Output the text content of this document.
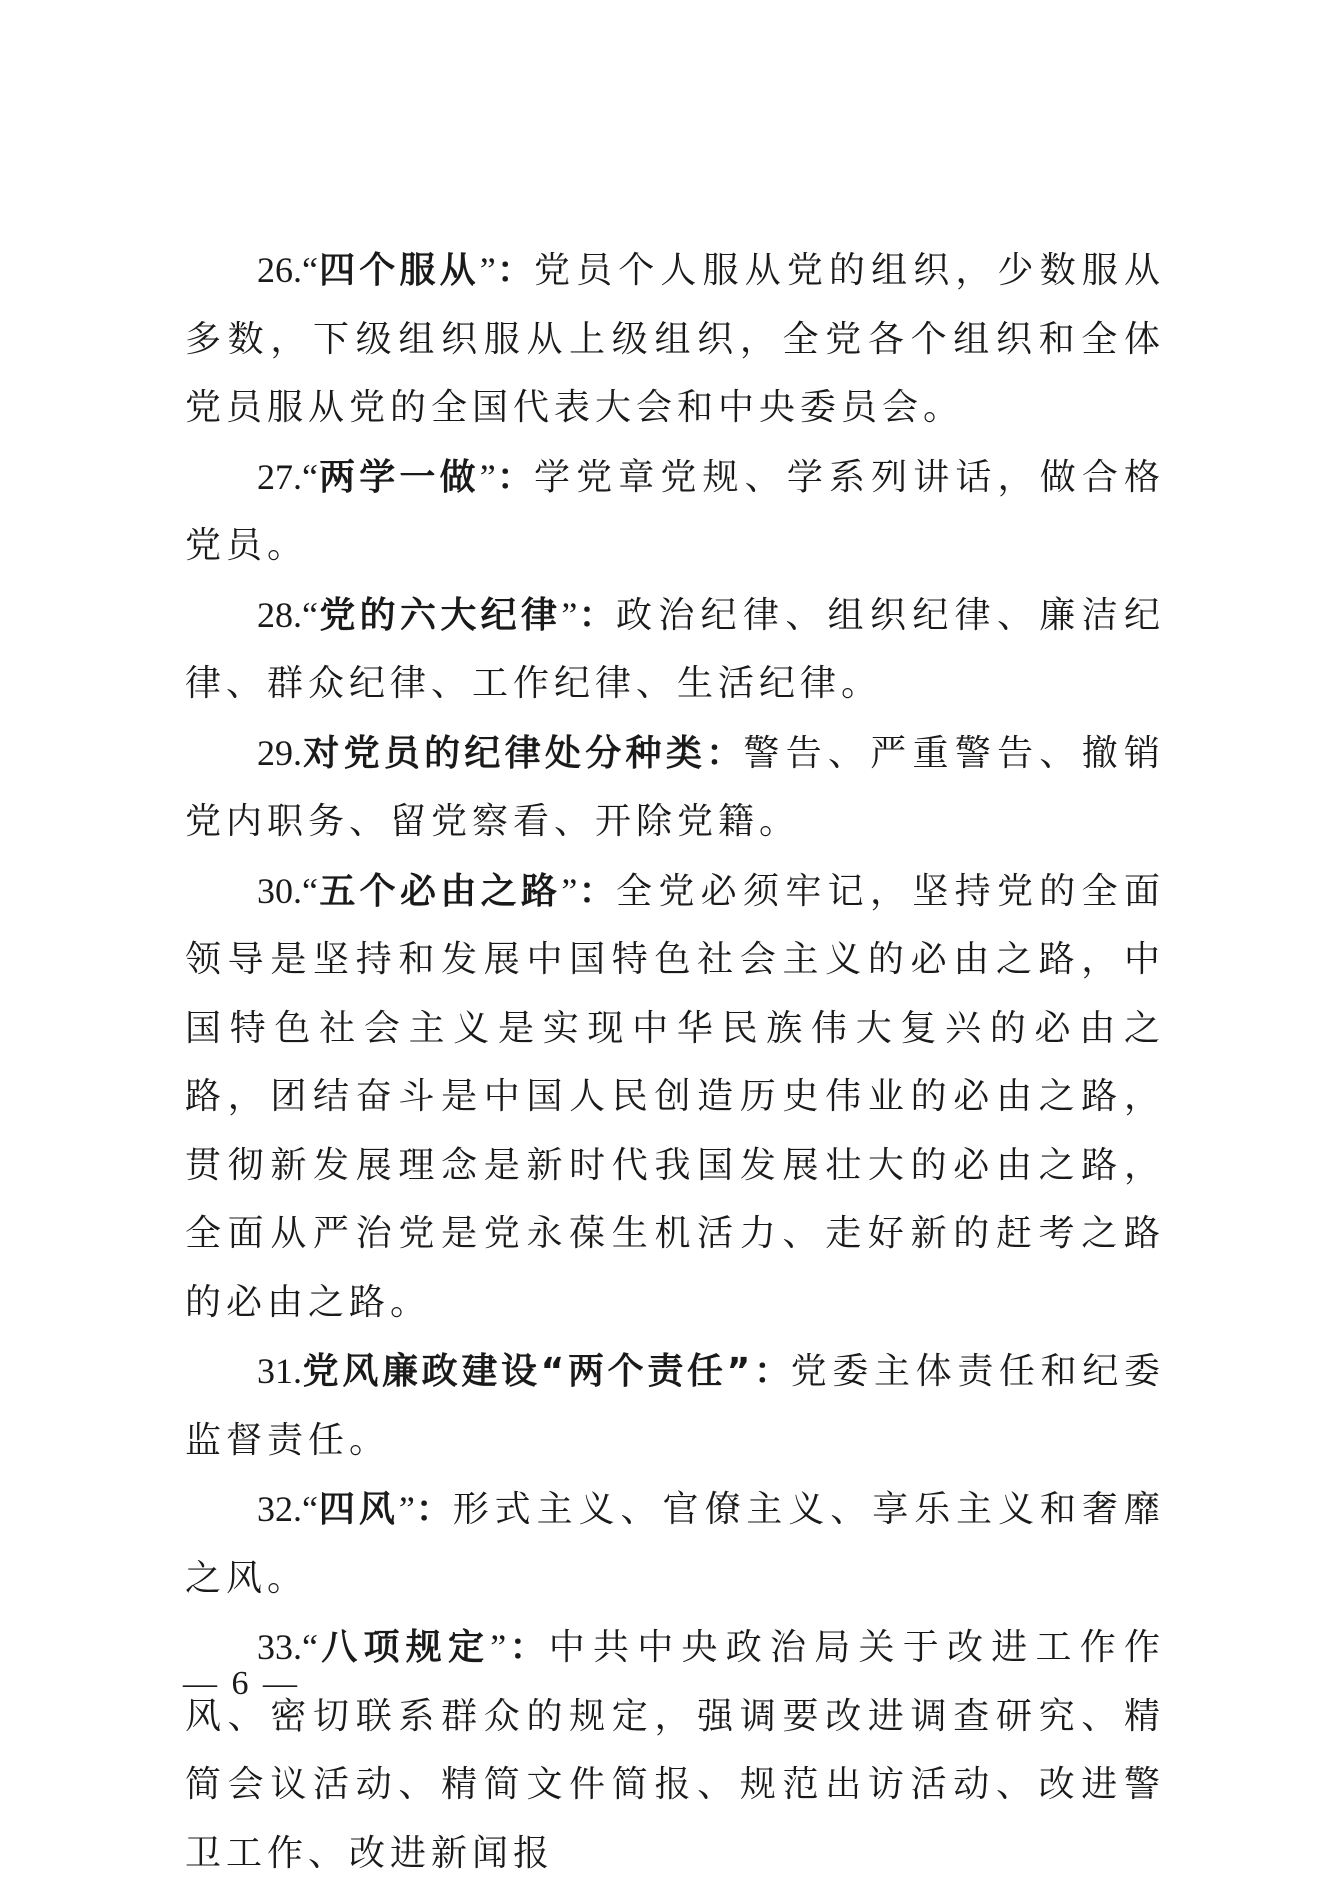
26.“四个服从”：党员个人服从党的组织，少数服从多数，下级组织服从上级组织，全党各个组织和全体党员服从党的全国代表大会和中央委员会。

27.“两学一做”：学党章党规、学系列讲话，做合格党员。

28.“党的六大纪律”：政治纪律、组织纪律、廉洁纪律、群众纪律、工作纪律、生活纪律。

29.对党员的纪律处分种类：警告、严重警告、撤销党内职务、留党察看、开除党籍。

30.“五个必由之路”：全党必须牢记，坚持党的全面领导是坚持和发展中国特色社会主义的必由之路，中国特色社会主义是实现中华民族伟大复兴的必由之路，团结奋斗是中国人民创造历史伟业的必由之路，贯彻新发展理念是新时代我国发展壮大的必由之路，全面从严治党是党永葆生机活力、走好新的赶考之路的必由之路。

31.党风廉政建设“两个责任”：党委主体责任和纪委监督责任。

32.“四风”：形式主义、官僚主义、享乐主义和奢靡之风。

33.“八项规定”：中共中央政治局关于改进工作作风、密切联系群众的规定，强调要改进调查研究、精简会议活动、精简文件简报、规范出访活动、改进警卫工作、改进新闻报

— 6 —
